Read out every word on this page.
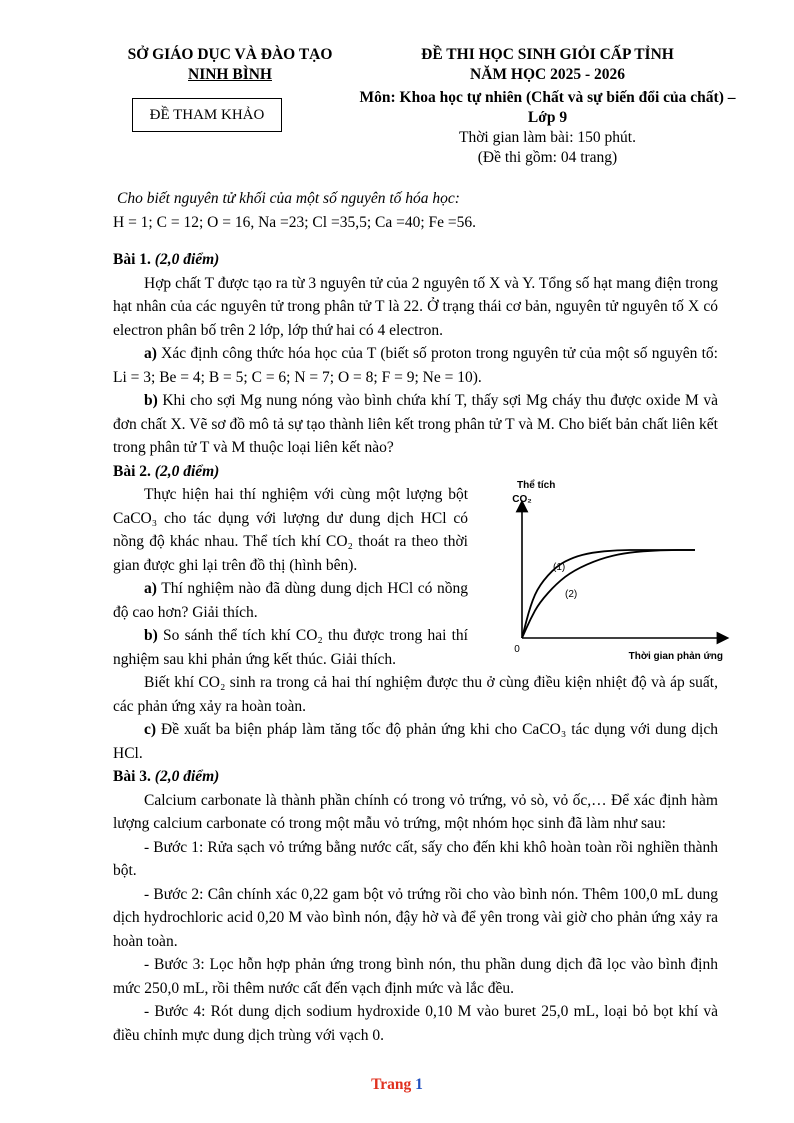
SỞ GIÁO DỤC VÀ ĐÀO TẠO
NINH BÌNH
ĐỀ THAM KHẢO
ĐỀ THI HỌC SINH GIỎI CẤP TỈNH
NĂM HỌC 2025 - 2026
Môn: Khoa học tự nhiên (Chất và sự biến đổi của chất) – Lớp 9
Thời gian làm bài: 150 phút.
(Đề thi gồm: 04 trang)
Cho biết nguyên tử khối của một số nguyên tố hóa học:
H = 1; C = 12; O = 16, Na =23; Cl =35,5; Ca =40; Fe =56.
Bài 1. (2,0 điểm)
Hợp chất T được tạo ra từ 3 nguyên tử của 2 nguyên tố X và Y. Tổng số hạt mang điện trong hạt nhân của các nguyên tử trong phân tử T là 22. Ở trạng thái cơ bản, nguyên tử nguyên tố X có electron phân bố trên 2 lớp, lớp thứ hai có 4 electron.
a) Xác định công thức hóa học của T (biết số proton trong nguyên tử của một số nguyên tố: Li = 3; Be = 4; B = 5; C = 6; N = 7; O = 8; F = 9; Ne = 10).
b) Khi cho sợi Mg nung nóng vào bình chứa khí T, thấy sợi Mg cháy thu được oxide M và đơn chất X. Vẽ sơ đồ mô tả sự tạo thành liên kết trong phân tử T và M. Cho biết bản chất liên kết trong phân tử T và M thuộc loại liên kết nào?
Bài 2. (2,0 điểm)
Thực hiện hai thí nghiệm với cùng một lượng bột CaCO₃ cho tác dụng với lượng dư dung dịch HCl có nồng độ khác nhau. Thể tích khí CO₂ thoát ra theo thời gian được ghi lại trên đồ thị (hình bên).
a) Thí nghiệm nào đã dùng dung dịch HCl có nồng độ cao hơn? Giải thích.
b) So sánh thể tích khí CO₂ thu được trong hai thí nghiệm sau khi phản ứng kết thúc. Giải thích.
Biết khí CO₂ sinh ra trong cả hai thí nghiệm được thu ở cùng điều kiện nhiệt độ và áp suất, các phản ứng xảy ra hoàn toàn.
c) Đề xuất ba biện pháp làm tăng tốc độ phản ứng khi cho CaCO₃ tác dụng với dung dịch HCl.
Bài 3. (2,0 điểm)
Calcium carbonate là thành phần chính có trong vỏ trứng, vỏ sò, vỏ ốc,… Để xác định hàm lượng calcium carbonate có trong một mẫu vỏ trứng, một nhóm học sinh đã làm như sau:
- Bước 1: Rửa sạch vỏ trứng bằng nước cất, sấy cho đến khi khô hoàn toàn rồi nghiền thành bột.
- Bước 2: Cân chính xác 0,22 gam bột vỏ trứng rồi cho vào bình nón. Thêm 100,0 mL dung dịch hydrochloric acid 0,20 M vào bình nón, đậy hờ và để yên trong vài giờ cho phản ứng xảy ra hoàn toàn.
- Bước 3: Lọc hỗn hợp phản ứng trong bình nón, thu phần dung dịch đã lọc vào bình định mức 250,0 mL, rồi thêm nước cất đến vạch định mức và lắc đều.
- Bước 4: Rót dung dịch sodium hydroxide 0,10 M vào buret 25,0 mL, loại bỏ bọt khí và điều chỉnh mực dung dịch trùng với vạch 0.
Thể tích
CO₂
Thời gian phản ứng
0
(1)
(2)
Trang 1
